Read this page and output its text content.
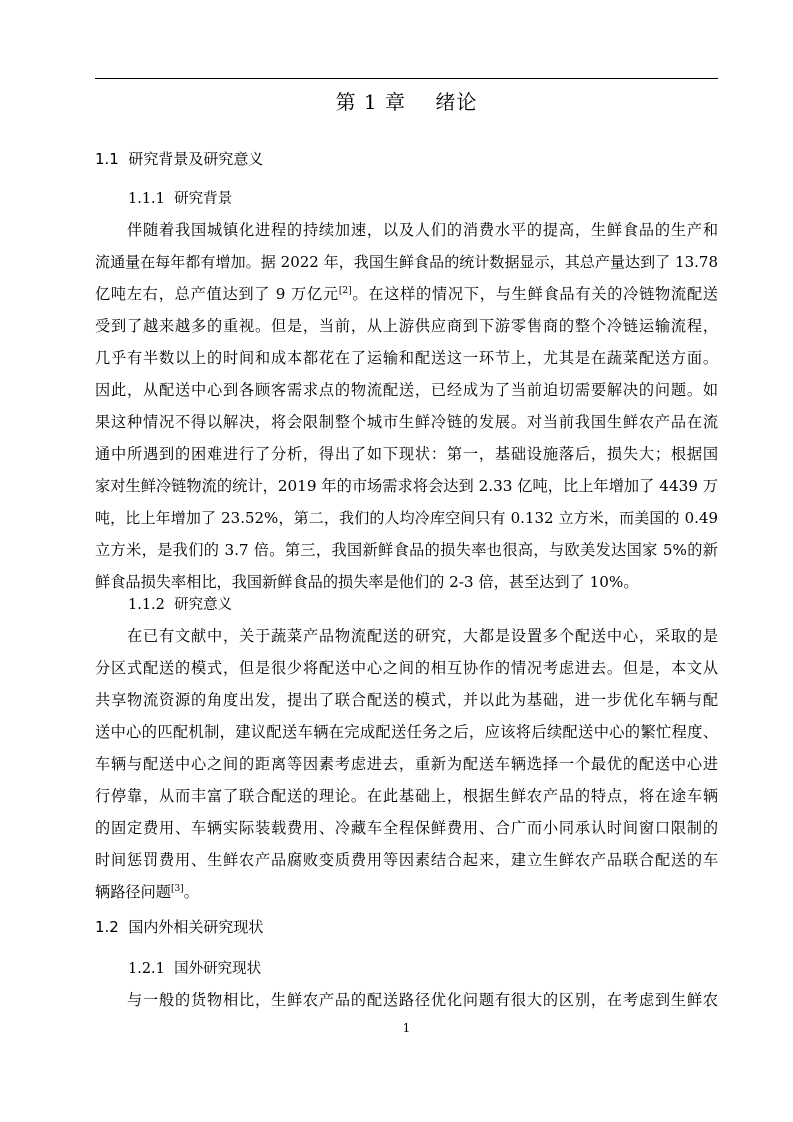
第 1 章    绪论
1.1 研究背景及研究意义
1.1.1 研究背景
伴随着我国城镇化进程的持续加速，以及人们的消费水平的提高，生鲜食品的生产和
流通量在每年都有增加。据 2022 年，我国生鲜食品的统计数据显示，其总产量达到了 13.78
亿吨左右，总产值达到了 9 万亿元[2]。在这样的情况下，与生鲜食品有关的冷链物流配送
受到了越来越多的重视。但是，当前，从上游供应商到下游零售商的整个冷链运输流程，
几乎有半数以上的时间和成本都花在了运输和配送这一环节上，尤其是在蔬菜配送方面。
因此，从配送中心到各顾客需求点的物流配送，已经成为了当前迫切需要解决的问题。如
果这种情况不得以解决，将会限制整个城市生鲜冷链的发展。对当前我国生鲜农产品在流
通中所遇到的困难进行了分析，得出了如下现状：第一，基础设施落后，损失大；根据国
家对生鲜冷链物流的统计，2019 年的市场需求将会达到 2.33 亿吨，比上年增加了 4439 万
吨，比上年增加了 23.52%，第二，我们的人均冷库空间只有 0.132 立方米，而美国的 0.49
立方米，是我们的 3.7 倍。第三，我国新鲜食品的损失率也很高，与欧美发达国家 5%的新
鲜食品损失率相比，我国新鲜食品的损失率是他们的 2-3 倍，甚至达到了 10%。
1.1.2 研究意义
在已有文献中，关于蔬菜产品物流配送的研究，大都是设置多个配送中心，采取的是
分区式配送的模式，但是很少将配送中心之间的相互协作的情况考虑进去。但是，本文从
共享物流资源的角度出发，提出了联合配送的模式，并以此为基础，进一步优化车辆与配
送中心的匹配机制，建议配送车辆在完成配送任务之后，应该将后续配送中心的繁忙程度、
车辆与配送中心之间的距离等因素考虑进去，重新为配送车辆选择一个最优的配送中心进
行停靠，从而丰富了联合配送的理论。在此基础上，根据生鲜农产品的特点，将在途车辆
的固定费用、车辆实际装载费用、冷藏车全程保鲜费用、合广而小同承认时间窗口限制的
时间惩罚费用、生鲜农产品腐败变质费用等因素结合起来，建立生鲜农产品联合配送的车
辆路径问题[3]。
1.2 国内外相关研究现状
1.2.1 国外研究现状
与一般的货物相比，生鲜农产品的配送路径优化问题有很大的区别，在考虑到生鲜农
1
